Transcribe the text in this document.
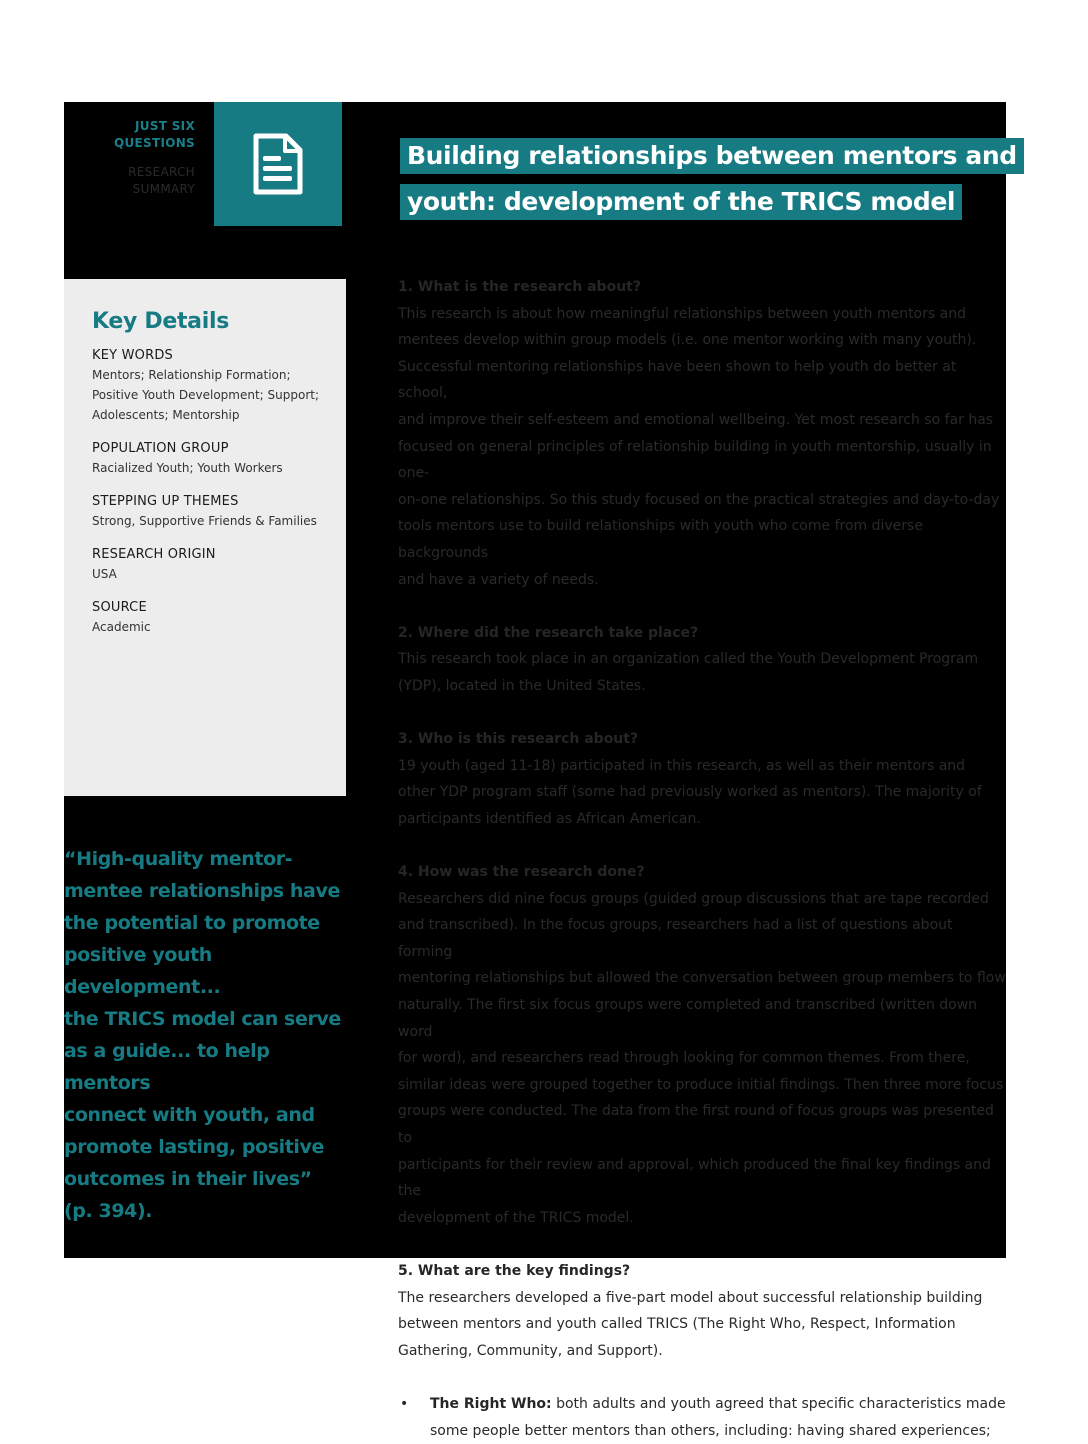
JUST SIX
QUESTIONS
RESEARCH
SUMMARY
Building relationships between mentors and
youth: development of the TRICS model
Key Details
KEY WORDS
Mentors; Relationship Formation;
Positive Youth Development; Support;
Adolescents; Mentorship
POPULATION GROUP
Racialized Youth; Youth Workers
STEPPING UP THEMES
Strong, Supportive Friends & Families
RESEARCH ORIGIN
USA
SOURCE
Academic
“High-quality mentor-
mentee relationships have
the potential to promote
positive youth development...
the TRICS model can serve
as a guide... to help mentors
connect with youth, and
promote lasting, positive
outcomes in their lives”
(p. 394).
1. What is the research about?
This research is about how meaningful relationships between youth mentors and
mentees develop within group models (i.e. one mentor working with many youth).
Successful mentoring relationships have been shown to help youth do better at school,
and improve their self-esteem and emotional wellbeing. Yet most research so far has
focused on general principles of relationship building in youth mentorship, usually in one-
on-one relationships. So this study focused on the practical strategies and day-to-day
tools mentors use to build relationships with youth who come from diverse backgrounds
and have a variety of needs.
2. Where did the research take place?
This research took place in an organization called the Youth Development Program
(YDP), located in the United States.
3. Who is this research about?
19 youth (aged 11-18) participated in this research, as well as their mentors and
other YDP program staff (some had previously worked as mentors). The majority of
participants identified as African American.
4. How was the research done?
Researchers did nine focus groups (guided group discussions that are tape recorded
and transcribed). In the focus groups, researchers had a list of questions about forming
mentoring relationships but allowed the conversation between group members to flow
naturally. The first six focus groups were completed and transcribed (written down word
for word), and researchers read through looking for common themes. From there,
similar ideas were grouped together to produce initial findings. Then three more focus
groups were conducted. The data from the first round of focus groups was presented to
participants for their review and approval, which produced the final key findings and the
development of the TRICS model.
5. What are the key findings?
The researchers developed a five-part model about successful relationship building
between mentors and youth called TRICS (The Right Who, Respect, Information
Gathering, Community, and Support).
• The Right Who: both adults and youth agreed that specific characteristics made
some people better mentors than others, including: having shared experiences;
